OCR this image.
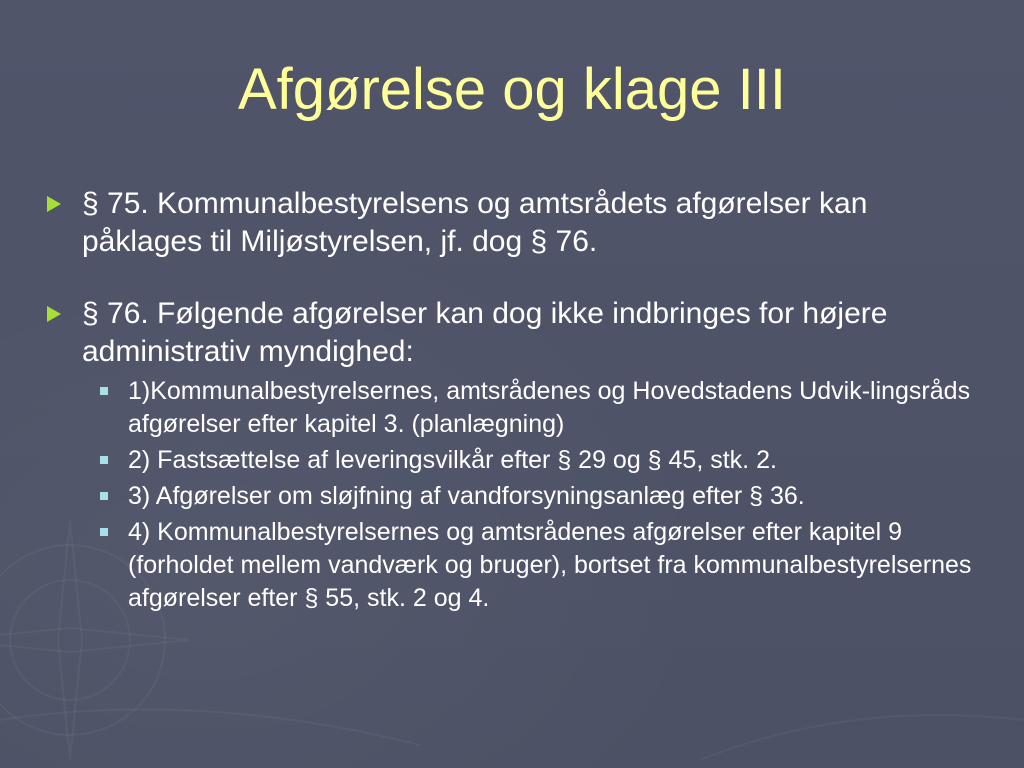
Afgørelse og klage III
§ 75. Kommunalbestyrelsens og amtsrådets afgørelser kan påklages til Miljøstyrelsen, jf. dog § 76.
§ 76. Følgende afgørelser kan dog ikke indbringes for højere administrativ myndighed:
1)Kommunalbestyrelsernes, amtsrådenes og Hovedstadens Udvik-lingsråds afgørelser efter kapitel 3. (planlægning)
2) Fastsættelse af leveringsvilkår efter § 29 og § 45, stk. 2.
3) Afgørelser om sløjfning af vandforsyningsanlæg efter § 36.
4) Kommunalbestyrelsernes og amtsrådenes afgørelser efter kapitel 9 (forholdet mellem vandværk og bruger), bortset fra kommunalbestyrelsernes afgørelser efter § 55, stk. 2 og 4.
